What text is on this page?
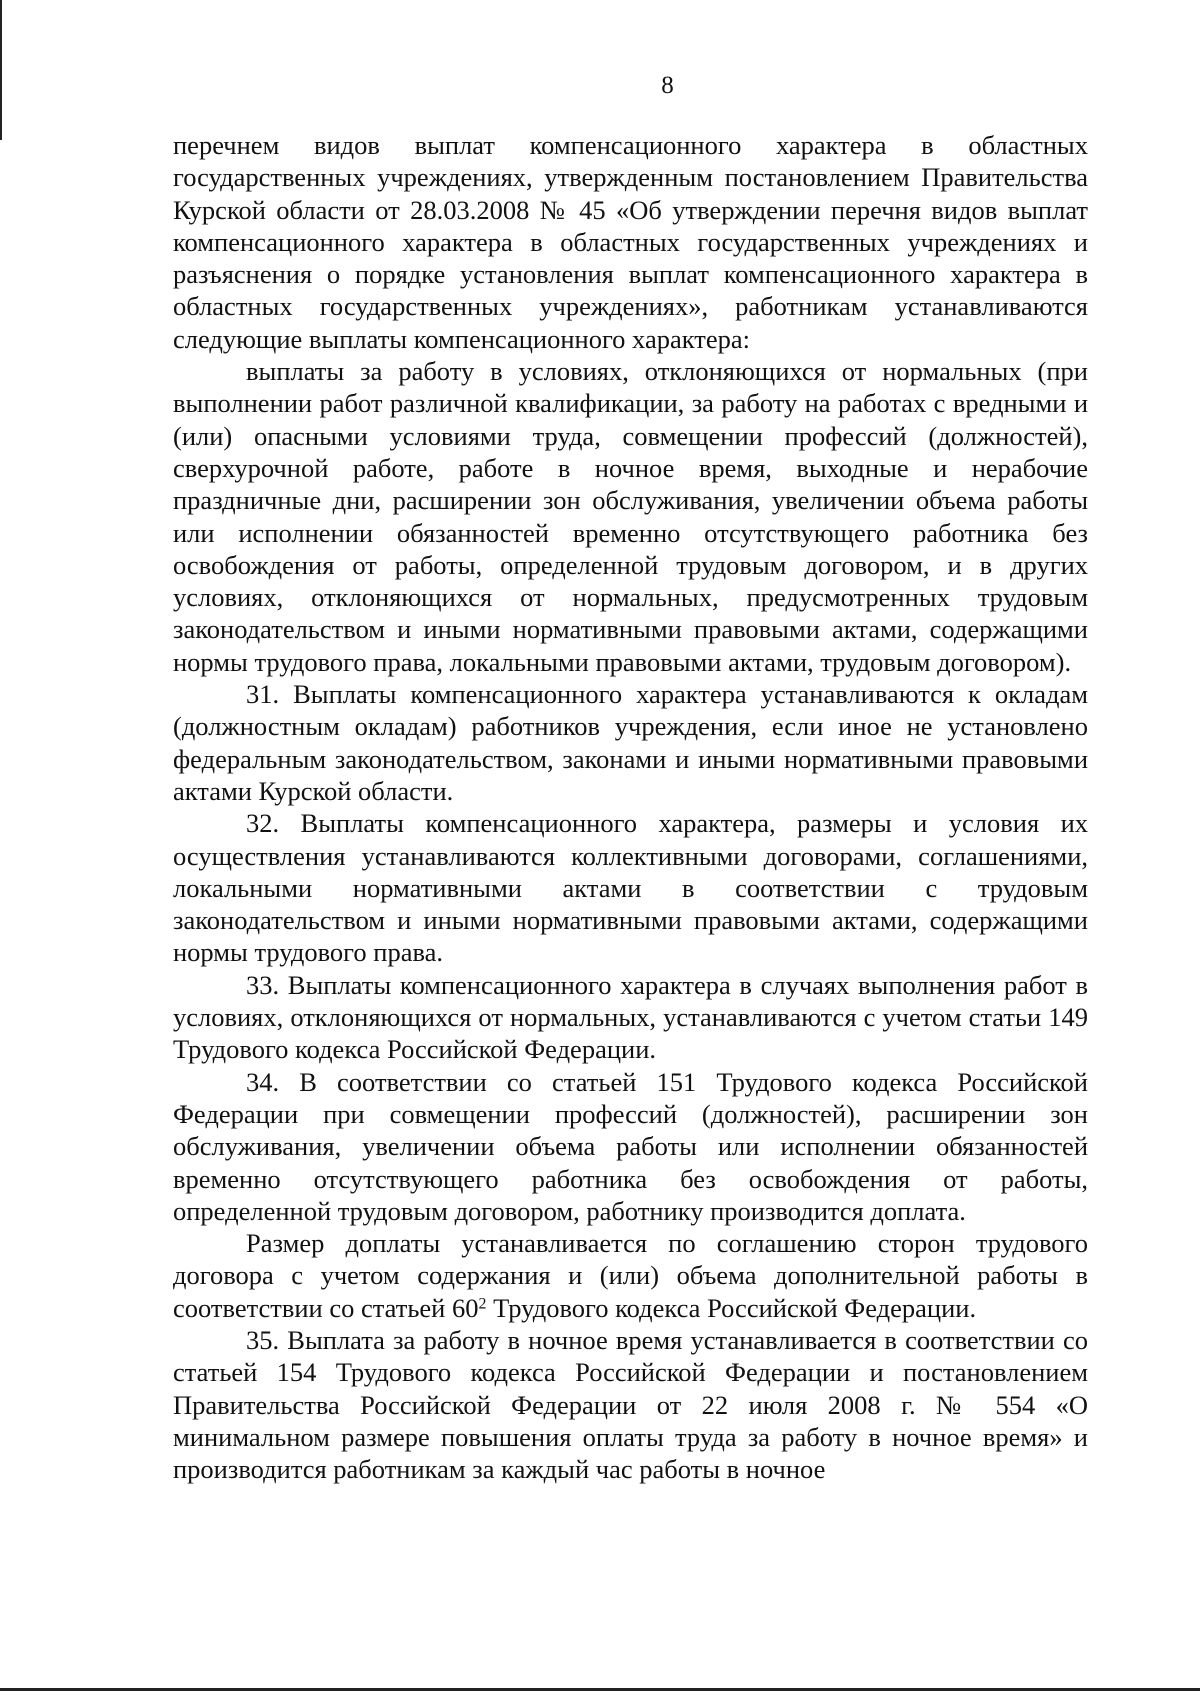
8

перечнем видов выплат компенсационного характера в областных государственных учреждениях, утвержденным постановлением Правительства Курской области от 28.03.2008 № 45 «Об утверждении перечня видов выплат компенсационного характера в областных государственных учреждениях и разъяснения о порядке установления выплат компенсационного характера в областных государственных учреждениях», работникам устанавливаются следующие выплаты компенсационного характера:

выплаты за работу в условиях, отклоняющихся от нормальных (при выполнении работ различной квалификации, за работу на работах с вредными и (или) опасными условиями труда, совмещении профессий (должностей), сверхурочной работе, работе в ночное время, выходные и нерабочие праздничные дни, расширении зон обслуживания, увеличении объема работы или исполнении обязанностей временно отсутствующего работника без освобождения от работы, определенной трудовым договором, и в других условиях, отклоняющихся от нормальных, предусмотренных трудовым законодательством и иными нормативными правовыми актами, содержащими нормы трудового права, локальными правовыми актами, трудовым договором).

31. Выплаты компенсационного характера устанавливаются к окладам (должностным окладам) работников учреждения, если иное не установлено федеральным законодательством, законами и иными нормативными правовыми актами Курской области.

32. Выплаты компенсационного характера, размеры и условия их осуществления устанавливаются коллективными договорами, соглашениями, локальными нормативными актами в соответствии с трудовым законодательством и иными нормативными правовыми актами, содержащими нормы трудового права.

33. Выплаты компенсационного характера в случаях выполнения работ в условиях, отклоняющихся от нормальных, устанавливаются с учетом статьи 149 Трудового кодекса Российской Федерации.

34. В соответствии со статьей 151 Трудового кодекса Российской Федерации при совмещении профессий (должностей), расширении зон обслуживания, увеличении объема работы или исполнении обязанностей временно отсутствующего работника без освобождения от работы, определенной трудовым договором, работнику производится доплата.

Размер доплаты устанавливается по соглашению сторон трудового договора с учетом содержания и (или) объема дополнительной работы в соответствии со статьей $60^2$ Трудового кодекса Российской Федерации.

35. Выплата за работу в ночное время устанавливается в соответствии со статьей 154 Трудового кодекса Российской Федерации и постановлением Правительства Российской Федерации от 22 июля 2008 г. № 554 «О минимальном размере повышения оплаты труда за работу в ночное время» и производится работникам за каждый час работы в ночное
